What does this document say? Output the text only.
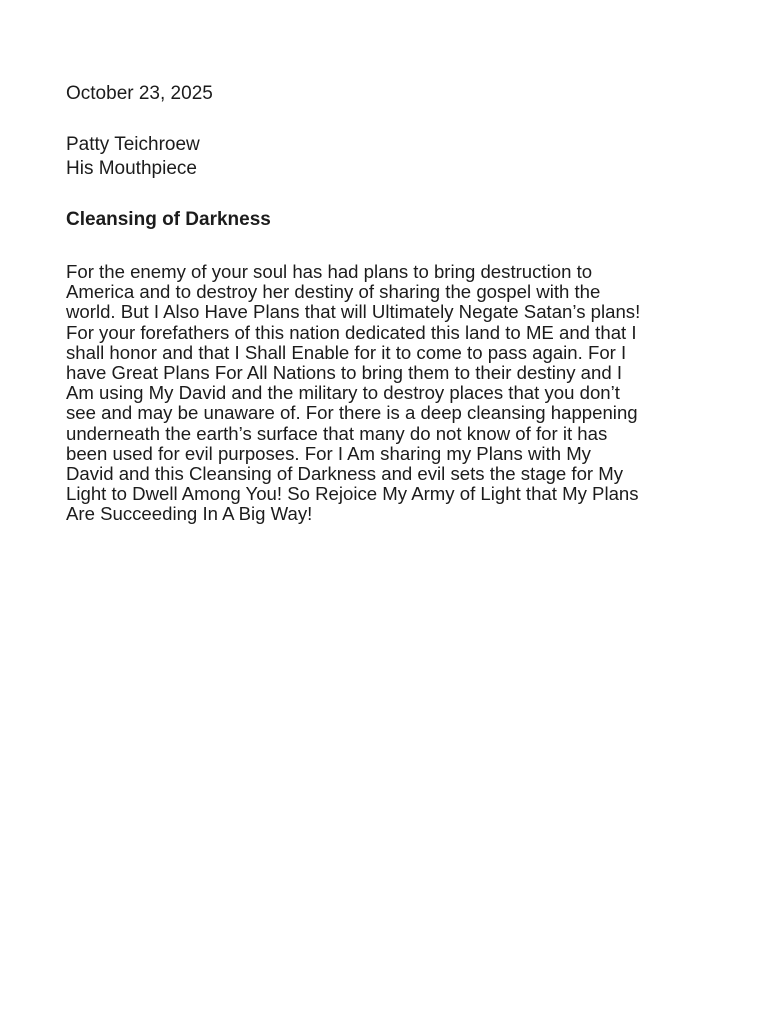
October 23, 2025

Patty Teichroew
His Mouthpiece
Cleansing of Darkness
For the enemy of your soul has had plans to bring destruction to
America and to destroy her destiny of sharing the gospel with the
world. But I Also Have Plans that will Ultimately Negate Satan’s plans!
For your forefathers of this nation dedicated this land to ME and that I
shall honor and that I Shall Enable for it to come to pass again. For I
have Great Plans For All Nations to bring them to their destiny and I
Am using My David and the military to destroy places that you don’t
see and may be unaware of. For there is a deep cleansing happening
underneath the earth’s surface that many do not know of for it has
been used for evil purposes. For I Am sharing my Plans with My
David and this Cleansing of Darkness and evil sets the stage for My
Light to Dwell Among You! So Rejoice My Army of Light that My Plans
Are Succeeding In A Big Way!
